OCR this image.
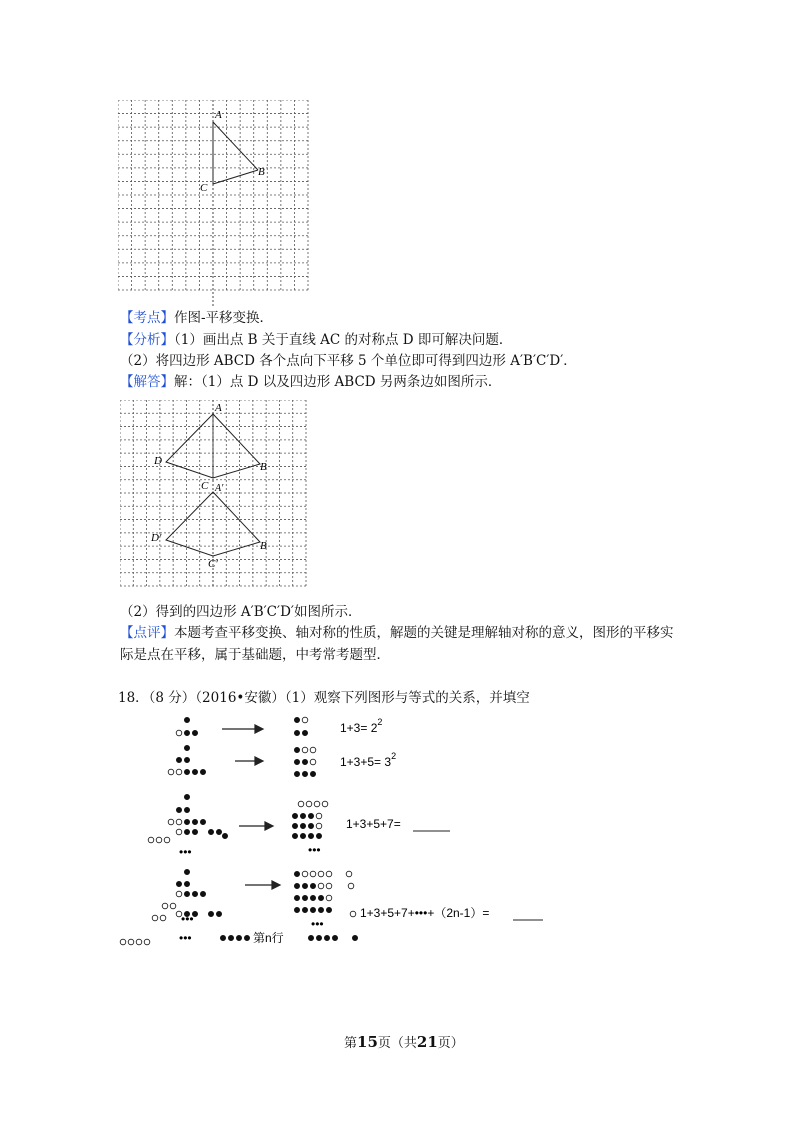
A
B
C
【考点】作图-平移变换．
【分析】（1）画出点 B 关于直线 AC 的对称点 D 即可解决问题．
（2）将四边形 ABCD 各个点向下平移 5 个单位即可得到四边形 A′B′C′D′．
【解答】解：（1）点 D 以及四边形 ABCD 另两条边如图所示．
A
D	B
C A′
D′
B
C′
（2）得到的四边形 A′B′C′D′如图所示．
【点评】本题考查平移变换、轴对称的性质，解题的关键是理解轴对称的意义，图形的平移实
际是点在平移，属于基础题，中考常考题型．
18．（8 分）（2016•安徽）（1）观察下列图形与等式的关系，并填空
$1+3= 2^2$
$1+3+5= 3^2$
1+3+5+7=
1+3+5+7+•••+（2n-1）=
•••	•••
•••
•••
•••
第n行
第15页（共21页）
